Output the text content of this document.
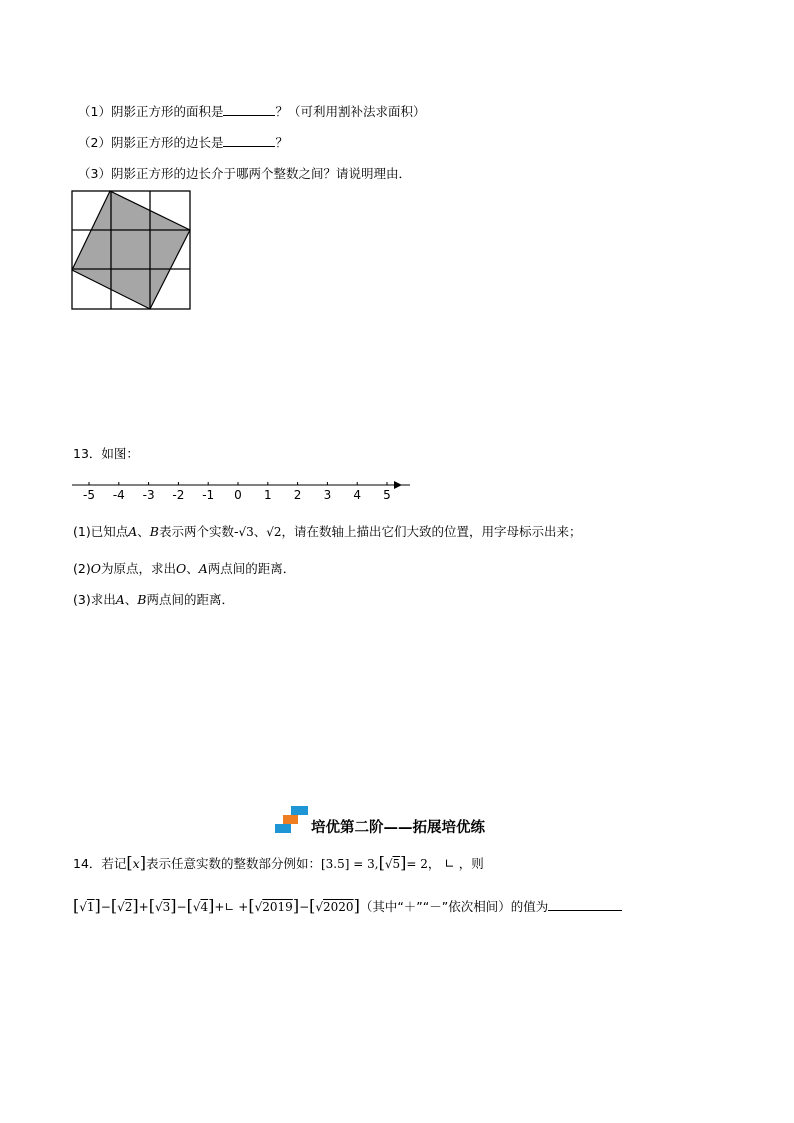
（1）阴影正方形的面积是	？（可利用割补法求面积）
（2）阴影正方形的边长是	？
（3）阴影正方形的边长介于哪两个整数之间？请说明理由．
13．如图：
-5 -4 -3 -2 -1 0 1 2 3 4 5
(1)已知点A、B表示两个实数-√3、√2，请在数轴上描出它们大致的位置，用字母标示出来；
(2)O为原点，求出O、A两点间的距离．
(3)求出A、B两点间的距离．
培优第二阶——拓展培优练
14．若记[x]表示任意实数的整数部分例如：[3.5] = 3,[√5]= 2， ∟ ，则
[√1]−[√2]+[√3]−[√4]+∟ +[√2019]−[√2020]（其中“＋”“－”依次相间）的值为
